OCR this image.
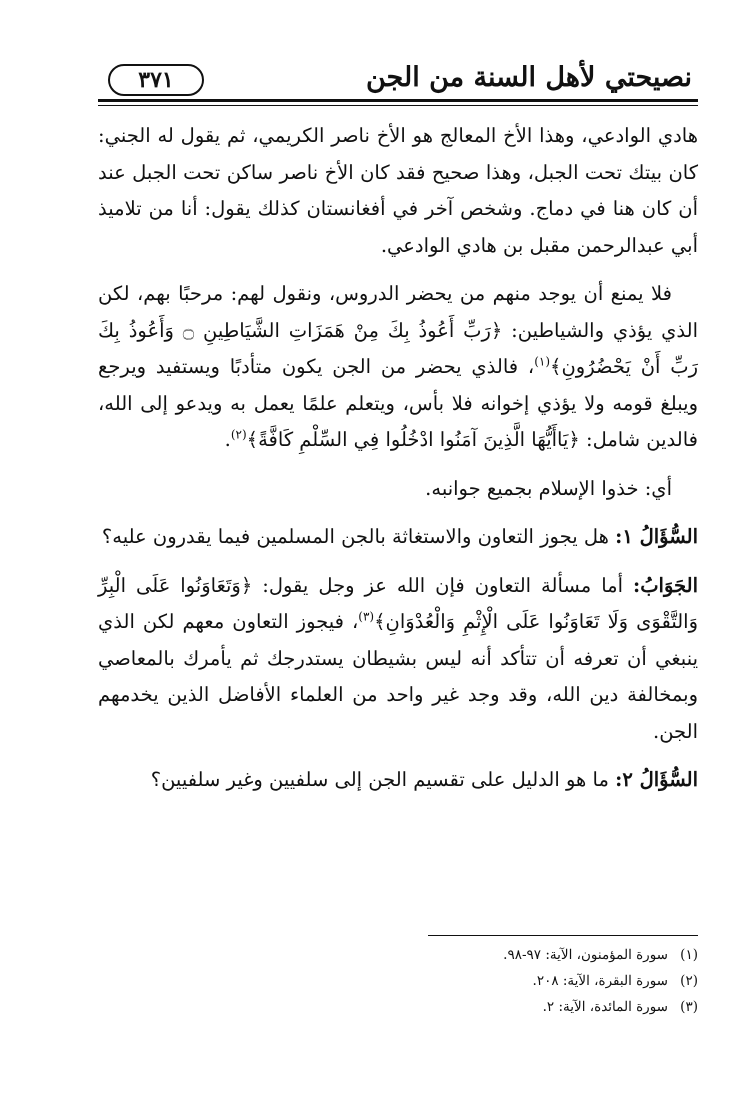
نصيحتي لأهل السنة من الجن
٣٧١

هادي الوادعي، وهذا الأخ المعالج هو الأخ ناصر الكريمي، ثم يقول له الجني: كان بيتك تحت الجبل، وهذا صحيح فقد كان الأخ ناصر ساكن تحت الجبل عند أن كان هنا في دماج. وشخص آخر في أفغانستان كذلك يقول: أنا من تلاميذ أبي عبدالرحمن مقبل بن هادي الوادعي.

فلا يمنع أن يوجد منهم من يحضر الدروس، ونقول لهم: مرحبًا بهم، لكن الذي يؤذي والشياطين: ﴿رَبِّ أَعُوذُ بِكَ مِنْ هَمَزَاتِ الشَّيَاطِينِ ۝ وَأَعُوذُ بِكَ رَبِّ أَنْ يَحْضُرُونِ﴾$^{(١)}$، فالذي يحضر من الجن يكون متأدبًا ويستفيد ويرجع ويبلغ قومه ولا يؤذي إخوانه فلا بأس، ويتعلم علمًا يعمل به ويدعو إلى الله، فالدين شامل: ﴿يَاأَيُّهَا الَّذِينَ آمَنُوا ادْخُلُوا فِي السِّلْمِ كَافَّةً﴾$^{(٢)}$.

أي: خذوا الإسلام بجميع جوانبه.

السُّؤَالُ ١: هل يجوز التعاون والاستغاثة بالجن المسلمين فيما يقدرون عليه؟

الجَوَابُ: أما مسألة التعاون فإن الله عز وجل يقول: ﴿وَتَعَاوَنُوا عَلَى الْبِرِّ وَالتَّقْوَى وَلَا تَعَاوَنُوا عَلَى الْإِثْمِ وَالْعُدْوَانِ﴾$^{(٣)}$، فيجوز التعاون معهم لكن الذي ينبغي أن تعرفه أن تتأكد أنه ليس بشيطان يستدرجك ثم يأمرك بالمعاصي وبمخالفة دين الله، وقد وجد غير واحد من العلماء الأفاضل الذين يخدمهم الجن.

السُّؤَالُ ٢: ما هو الدليل على تقسيم الجن إلى سلفيين وغير سلفيين؟

(١)سورة المؤمنون، الآية: ٩٧-٩٨.

(٢)سورة البقرة، الآية: ٢٠٨.

(٣)سورة المائدة، الآية: ٢.
